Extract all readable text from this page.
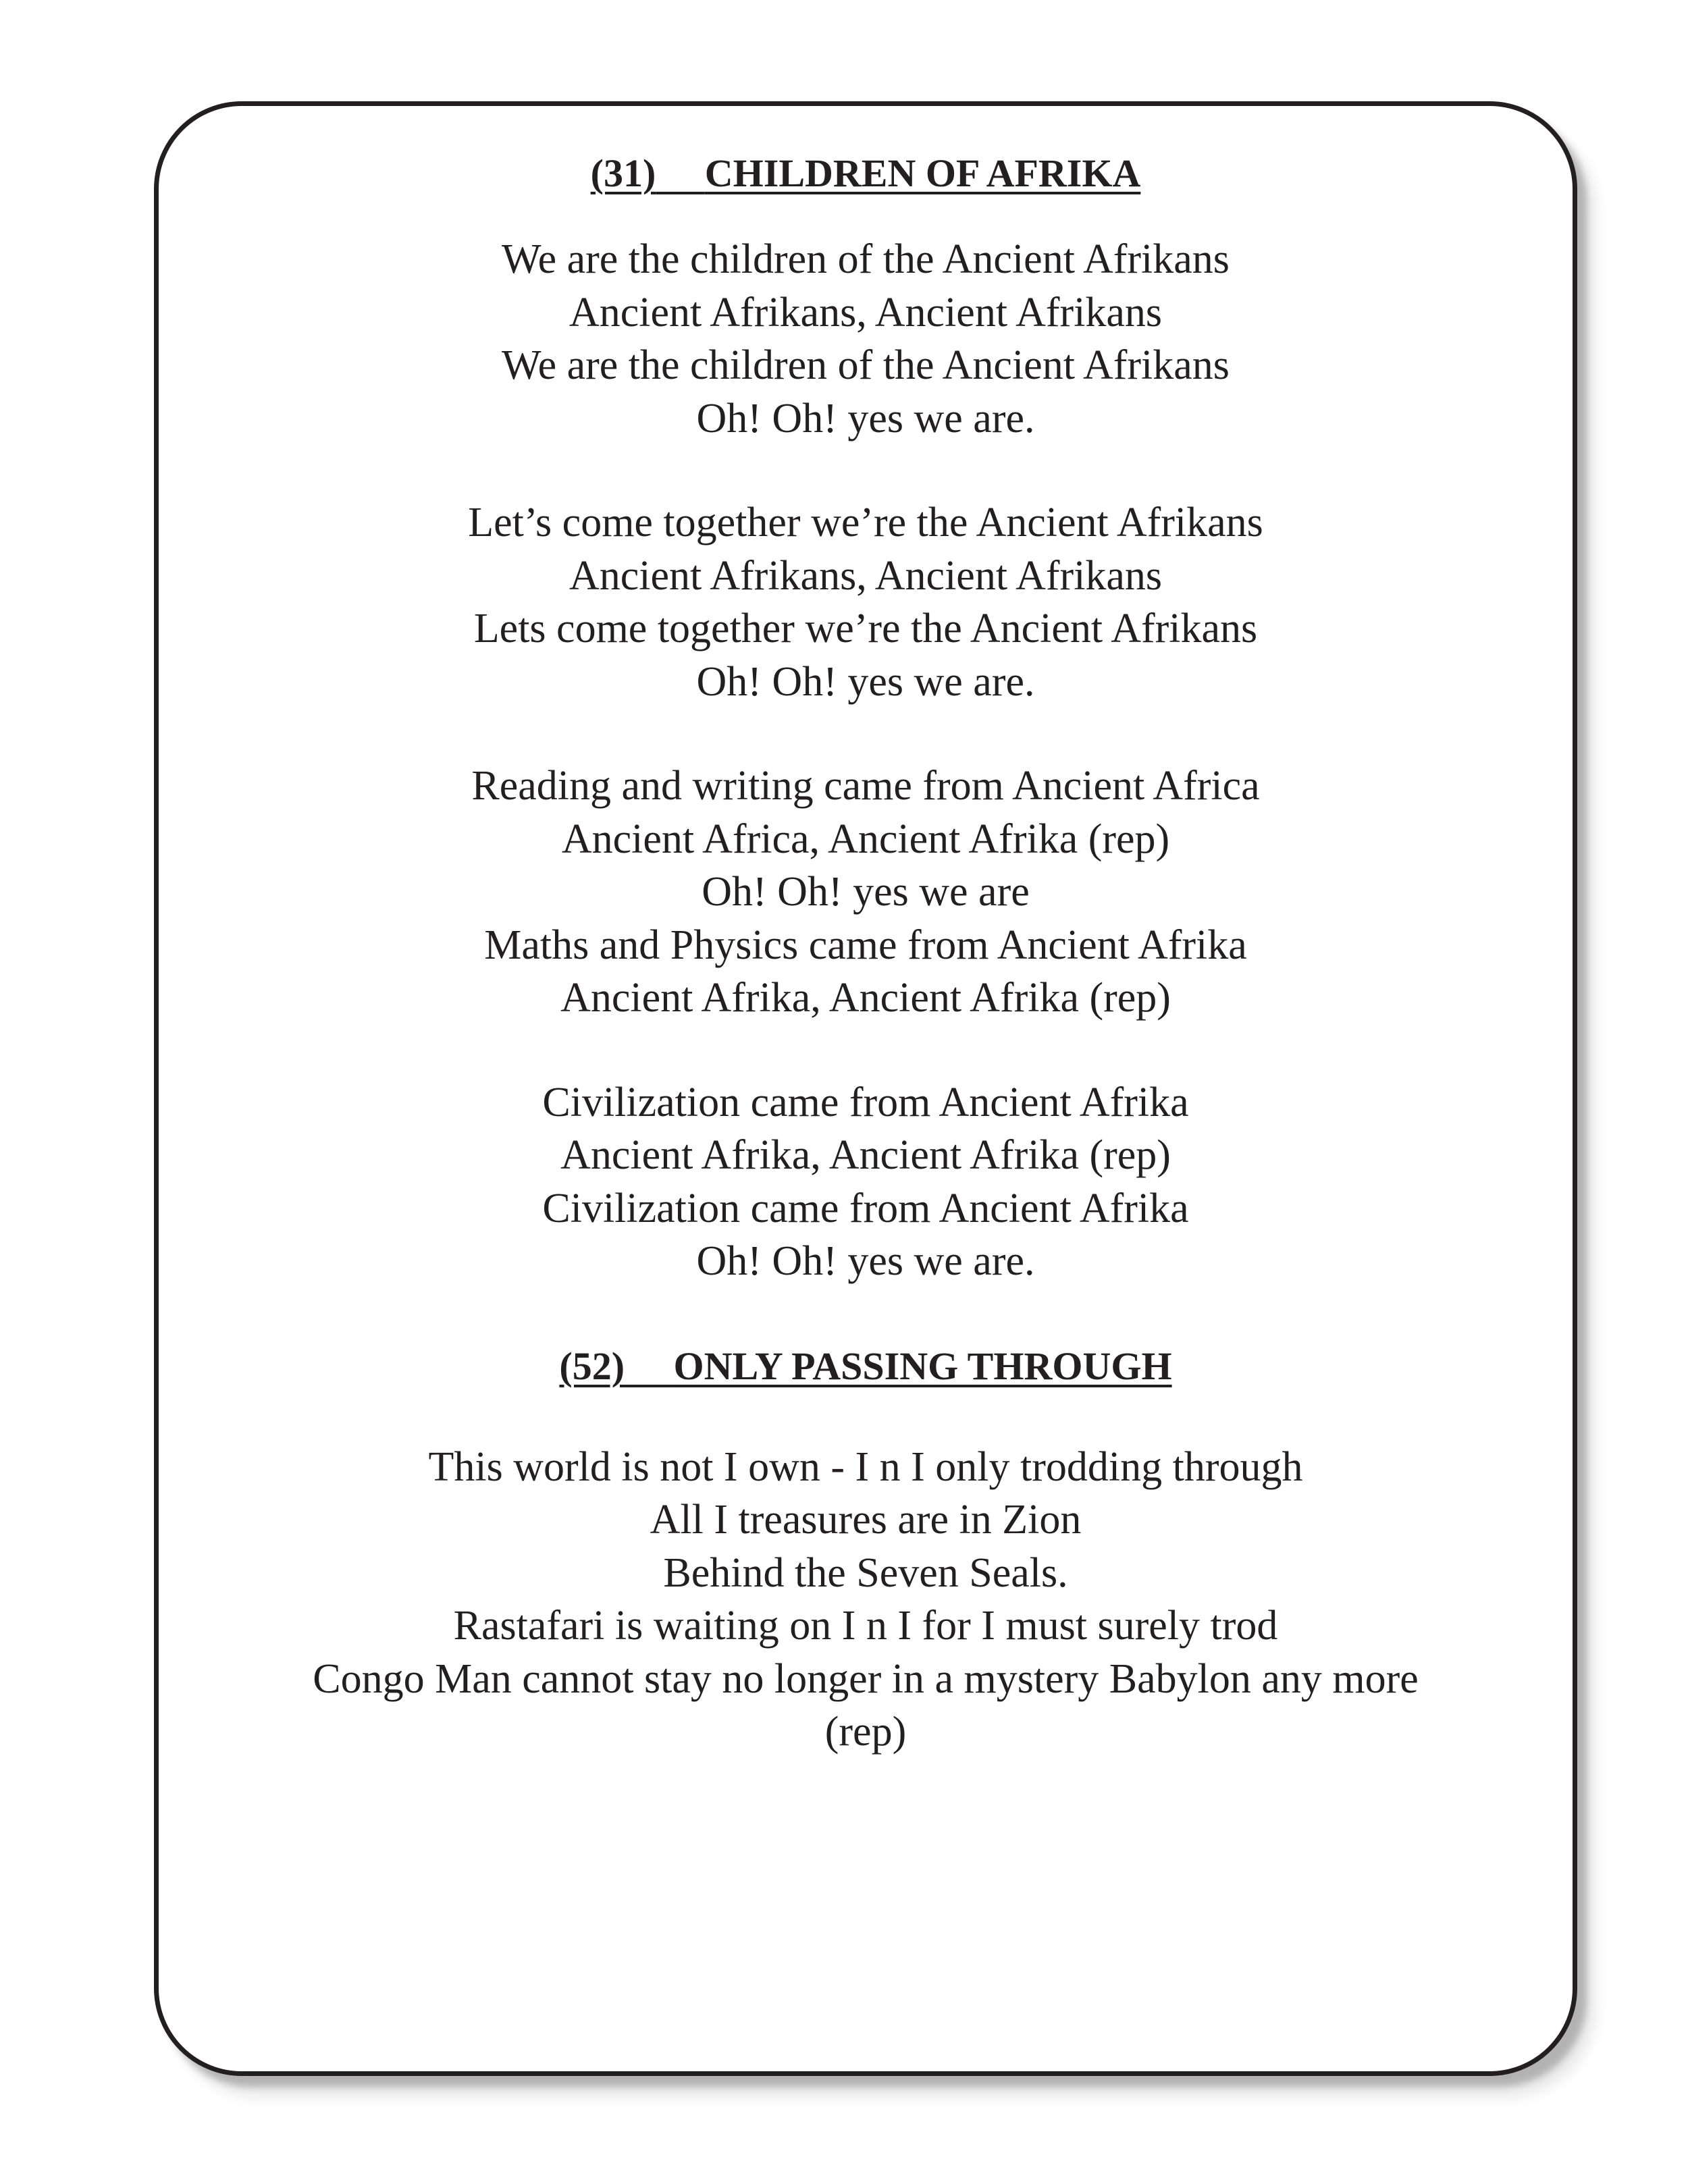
(31) CHILDREN OF AFRIKA
We are the children of the Ancient Afrikans
Ancient Afrikans, Ancient Afrikans
We are the children of the Ancient Afrikans
Oh! Oh! yes we are.
Let’s come together we’re the Ancient Afrikans
Ancient Afrikans, Ancient Afrikans
Lets come together we’re the Ancient Afrikans
Oh! Oh! yes we are.
Reading and writing came from Ancient Africa
Ancient Africa, Ancient Afrika (rep)
Oh! Oh! yes we are
Maths and Physics came from Ancient Afrika
Ancient Afrika, Ancient Afrika (rep)
Civilization came from Ancient Afrika
Ancient Afrika, Ancient Afrika (rep)
Civilization came from Ancient Afrika
Oh! Oh! yes we are.
(52) ONLY PASSING THROUGH
This world is not I own - I n I only trodding through
All I treasures are in Zion
Behind the Seven Seals.
Rastafari is waiting on I n I for I must surely trod
Congo Man cannot stay no longer in a mystery Babylon any more
(rep)
